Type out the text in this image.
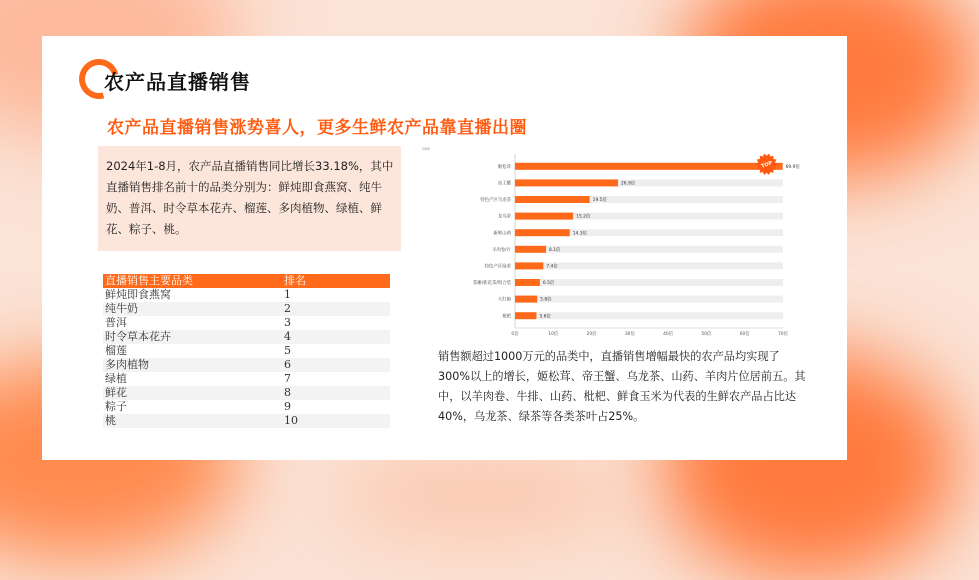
农产品直播销售
农产品直播销售涨势喜人，更多生鲜农产品靠直播出圈
2024年1-8月，农产品直播销售同比增长33.18%，其中直播销售排名前十的品类分别为：鲜炖即食燕窝、纯牛奶、普洱、时令草本花卉、榴莲、多肉植物、绿植、鲜花、粽子、桃。
直播销售主要品类	排名
鲜炖即食燕窝	1
纯牛奶	2
普洱	3
时令草本花卉	4
榴莲	5
多肉植物	6
绿植	7
鲜花	8
粽子	9
桃	10
GMV
姬松茸	69.9倍
帝王蟹	26.9倍
特色产区乌龙茶	19.5倍
龙乌茶	15.2倍
新鲜山药	14.3倍
羊肉卷/片	8.1倍
特色产区绿茶	7.4倍
茶摊/新花茶/组合装	6.5倍
大红袍	5.8倍
枇杷	5.6倍
0倍	10倍	20倍	30倍	40倍	50倍	60倍	70倍
TOP
销售额超过1000万元的品类中，直播销售增幅最快的农产品均实现了300%以上的增长，姬松茸、帝王蟹、乌龙茶、山药、羊肉片位居前五。其中，以羊肉卷、牛排、山药、枇杷、鲜食玉米为代表的生鲜农产品占比达40%，乌龙茶、绿茶等各类茶叶占25%。
